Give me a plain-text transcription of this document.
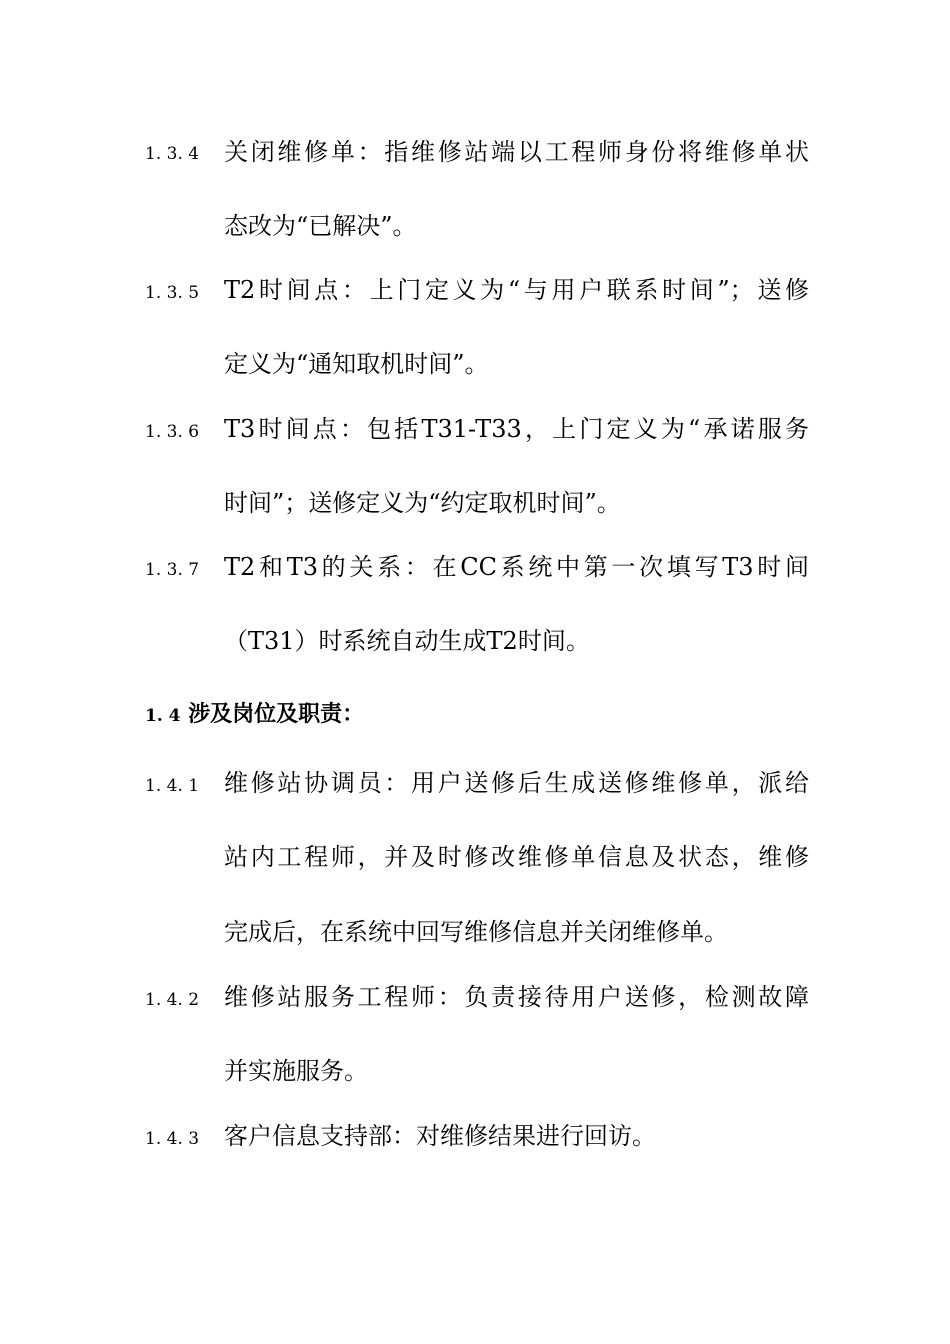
1. 3. 4	关闭维修单：指维修站端以工程师身份将维修单状
态改为“已解决”。
1. 3. 5	T2时间点：上门定义为“与用户联系时间”；送修
定义为“通知取机时间”。
1. 3. 6	T3时间点：包括T31-T33，上门定义为“承诺服务
时间”；送修定义为“约定取机时间”。
1. 3. 7	T2和T3的关系：在CC系统中第一次填写T3时间
（T31）时系统自动生成T2时间。
1. 4 涉及岗位及职责：
1. 4. 1	维修站协调员：用户送修后生成送修维修单，派给
站内工程师，并及时修改维修单信息及状态，维修
完成后，在系统中回写维修信息并关闭维修单。
1. 4. 2	维修站服务工程师：负责接待用户送修，检测故障
并实施服务。
1. 4. 3	客户信息支持部：对维修结果进行回访。
